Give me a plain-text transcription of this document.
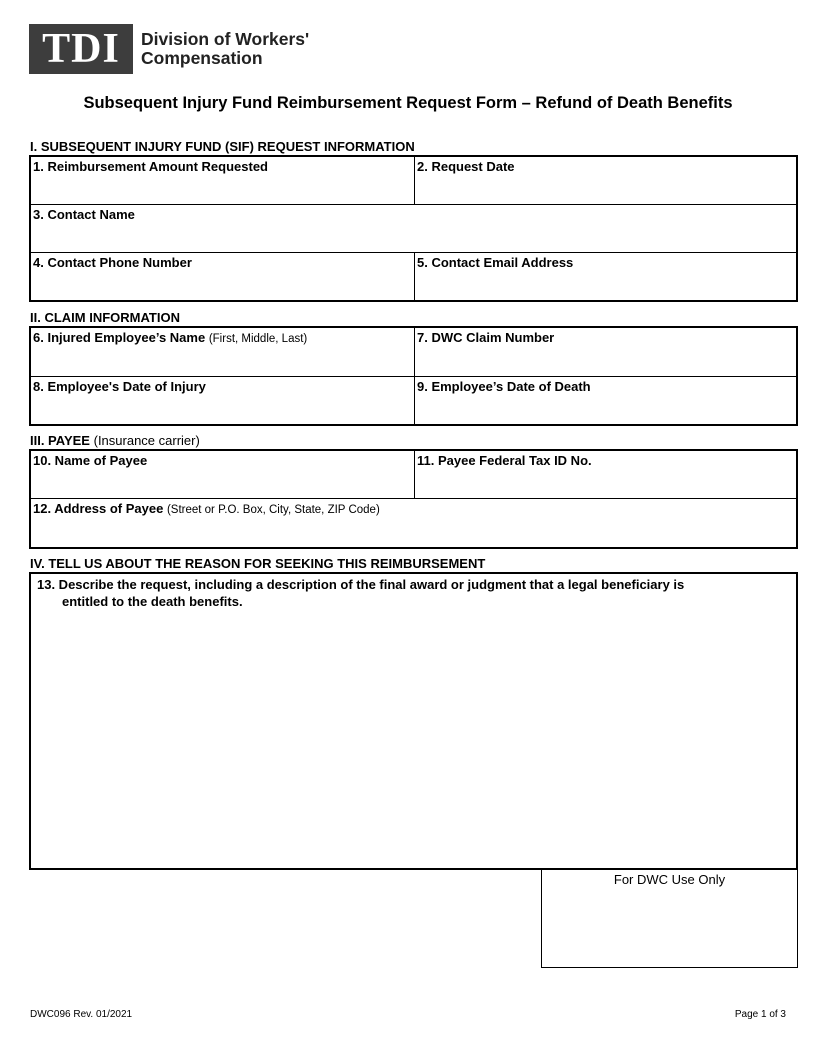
TDI	Division of Workers'
Compensation
Subsequent Injury Fund Reimbursement Request Form – Refund of Death Benefits
I. SUBSEQUENT INJURY FUND (SIF) REQUEST INFORMATION
1. Reimbursement Amount Requested	2. Request Date
3. Contact Name
4. Contact Phone Number	5. Contact Email Address
II. CLAIM INFORMATION
6. Injured Employee’s Name (First, Middle, Last)	7. DWC Claim Number
8. Employee's Date of Injury	9. Employee’s Date of Death
III. PAYEE (Insurance carrier)
10. Name of Payee	11. Payee Federal Tax ID No.
12. Address of Payee (Street or P.O. Box, City, State, ZIP Code)
IV. TELL US ABOUT THE REASON FOR SEEKING THIS REIMBURSEMENT
13. Describe the request, including a description of the final award or judgment that a legal beneficiary is
entitled to the death benefits.
For DWC Use Only
DWC096 Rev. 01/2021	Page 1 of 3
